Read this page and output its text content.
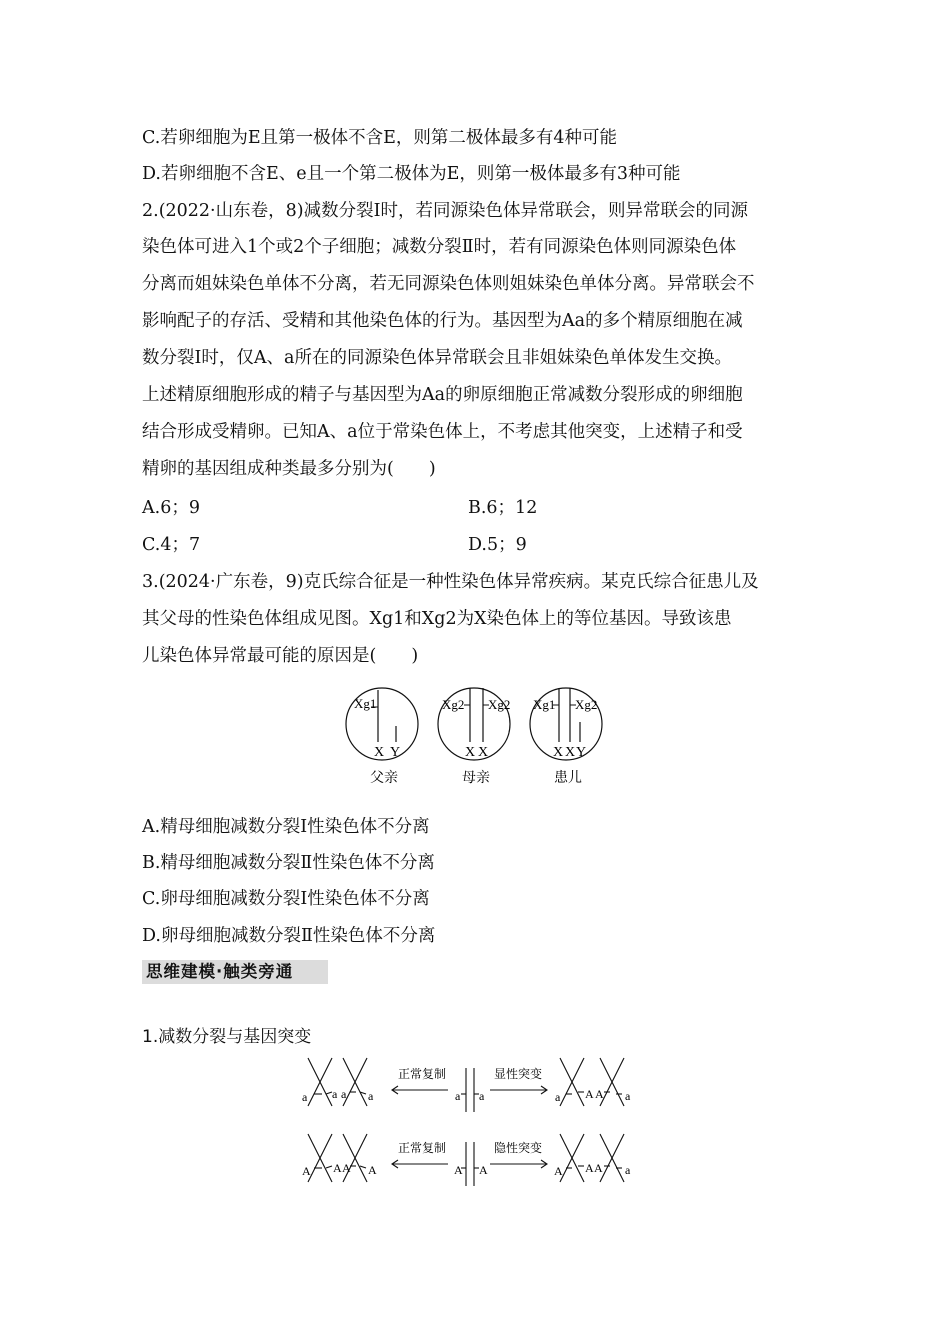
C.若卵细胞为E且第一极体不含E，则第二极体最多有4种可能
D.若卵细胞不含E、e且一个第二极体为E，则第一极体最多有3种可能
2.(2022·山东卷，8)减数分裂Ⅰ时，若同源染色体异常联会，则异常联会的同源
染色体可进入1个或2个子细胞；减数分裂Ⅱ时，若有同源染色体则同源染色体
分离而姐妹染色单体不分离，若无同源染色体则姐妹染色单体分离。异常联会不
影响配子的存活、受精和其他染色体的行为。基因型为Aa的多个精原细胞在减
数分裂Ⅰ时，仅A、a所在的同源染色体异常联会且非姐妹染色单体发生交换。
上述精原细胞形成的精子与基因型为Aa的卵原细胞正常减数分裂形成的卵细胞
结合形成受精卵。已知A、a位于常染色体上，不考虑其他突变，上述精子和受
精卵的基因组成种类最多分别为(　　)
A.6；9	B.6；12
C.4；7	D.5；9
3.(2024·广东卷，9)克氏综合征是一种性染色体异常疾病。某克氏综合征患儿及
其父母的性染色体组成见图。Xg1和Xg2为X染色体上的等位基因。导致该患
儿染色体异常最可能的原因是(　　)
Xg1
X Y
父亲
Xg2 Xg2
X X
母亲
Xg1 Xg2
X X Y
患儿
A.精母细胞减数分裂Ⅰ性染色体不分离
B.精母细胞减数分裂Ⅱ性染色体不分离
C.卵母细胞减数分裂Ⅰ性染色体不分离
D.卵母细胞减数分裂Ⅱ性染色体不分离
思维建模·触类旁通
1.减数分裂与基因突变
a a a a
正常复制	显性突变
a a	a A A a
A A A A
正常复制	隐性突变
A A	A A A a
